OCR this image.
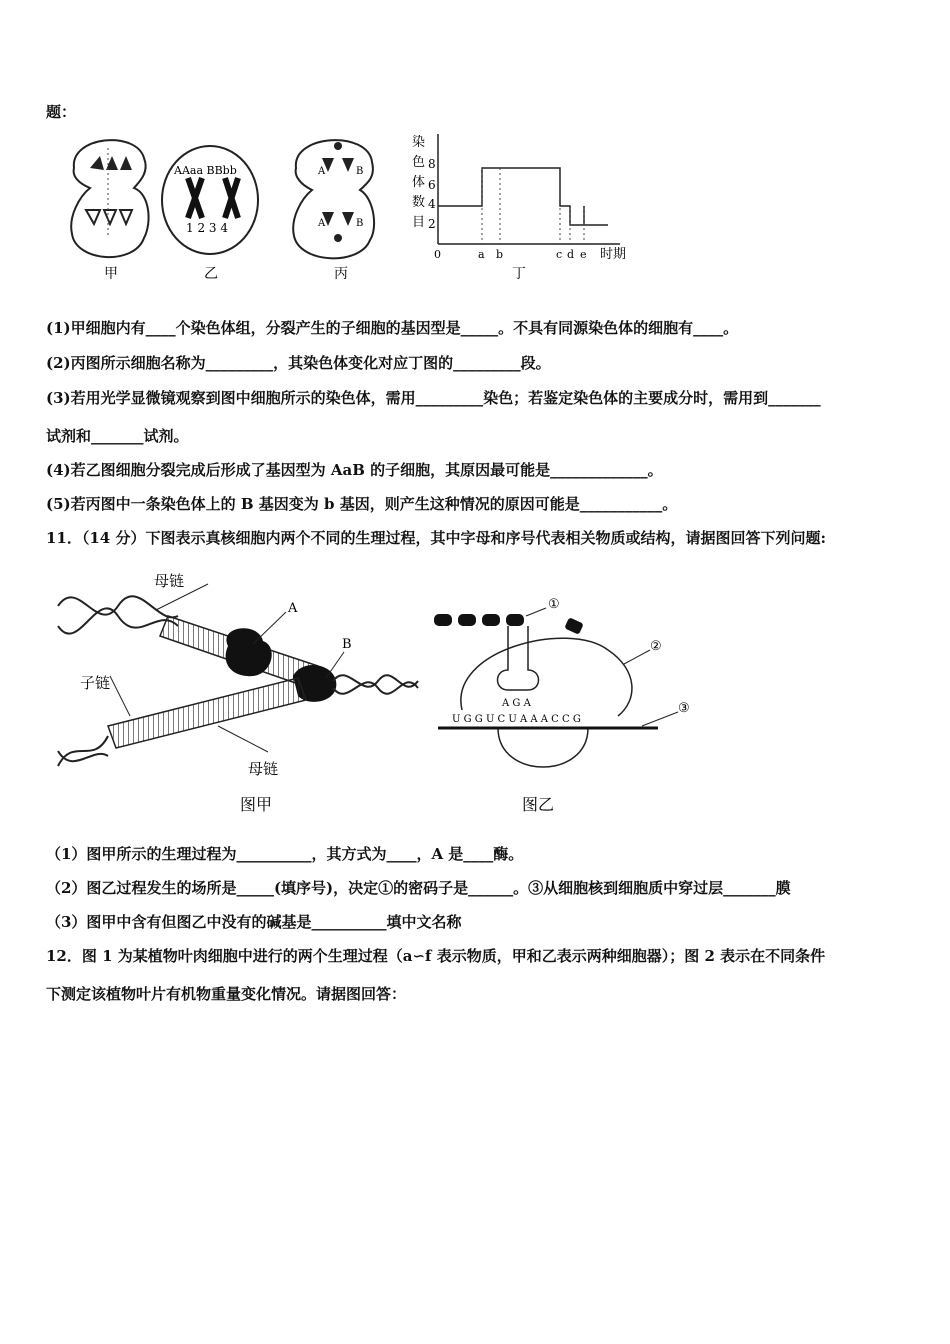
题：
甲
AAaa BBbb
1 2 3 4
乙
A	B
A	B
丙
8
6
4
2
0	a b	c d e 时期
丁
染
色
体
数
目
(1)甲细胞内有____个染色体组，分裂产生的子细胞的基因型是_____。不具有同源染色体的细胞有____。
(2)丙图所示细胞名称为_________，其染色体变化对应丁图的_________段。
(3)若用光学显微镜观察到图中细胞所示的染色体，需用_________染色；若鉴定染色体的主要成分时，需用到_______
试剂和_______试剂。
(4)若乙图细胞分裂完成后形成了基因型为 AaB 的子细胞，其原因最可能是_____________。
(5)若丙图中一条染色体上的 B 基因变为 b 基因，则产生这种情况的原因可能是___________。
11．（14 分）下图表示真核细胞内两个不同的生理过程，其中字母和序号代表相关物质或结构，请据图回答下列问题:
母链
A
B
子链
母链
图甲
①
②
③
A G A
U G G U C U A A A C C G
图乙
（1）图甲所示的生理过程为__________，其方式为____，A 是____酶。
（2）图乙过程发生的场所是_____(填序号)，决定①的密码子是______。③从细胞核到细胞质中穿过层_______膜
（3）图甲中含有但图乙中没有的碱基是__________填中文名称
12．图 1 为某植物叶肉细胞中进行的两个生理过程（a∽f 表示物质，甲和乙表示两种细胞器）；图 2 表示在不同条件
下测定该植物叶片有机物重量变化情况。请据图回答：
